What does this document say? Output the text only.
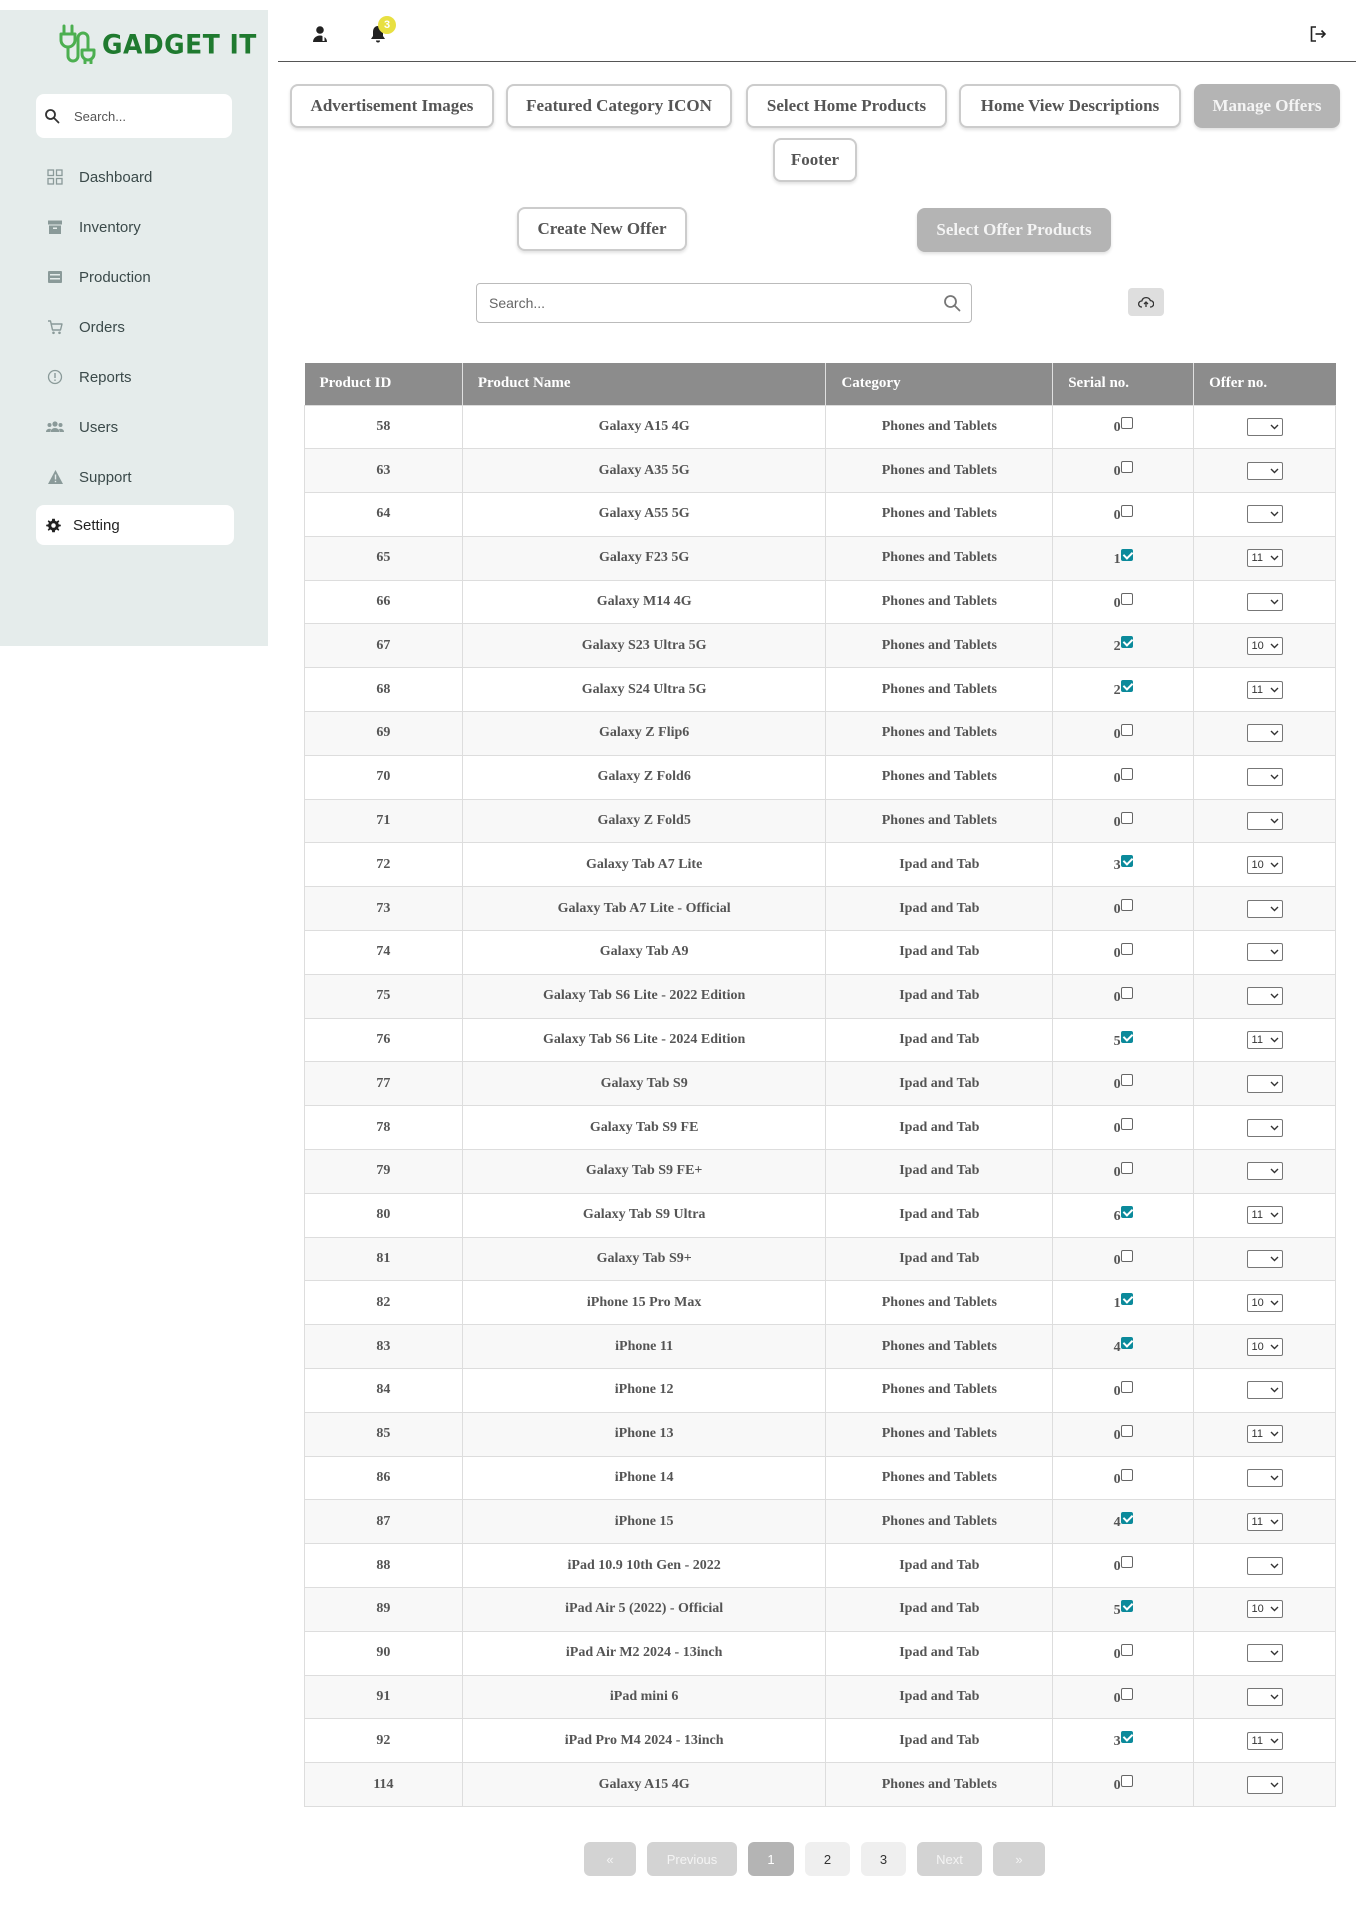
GADGET IT
Search...
Dashboard
Inventory
Production
Orders
Reports
Users
Support
Setting
3
Advertisement Images	Featured Category ICON	Select Home Products	Home View Descriptions	Manage Offers
Footer
Create New Offer	Select Offer Products
Search...
Product ID	Product Name	Category	Serial no.	Offer no.
58	Galaxy A15 4G	Phones and Tablets	0	

63	Galaxy A35 5G	Phones and Tablets	0	

64	Galaxy A55 5G	Phones and Tablets	0	

65	Galaxy F23 5G	Phones and Tablets	1	11

66	Galaxy M14 4G	Phones and Tablets	0	

67	Galaxy S23 Ultra 5G	Phones and Tablets	2	10

68	Galaxy S24 Ultra 5G	Phones and Tablets	2	11

69	Galaxy Z Flip6	Phones and Tablets	0	

70	Galaxy Z Fold6	Phones and Tablets	0	

71	Galaxy Z Fold5	Phones and Tablets	0	

72	Galaxy Tab A7 Lite	Ipad and Tab	3	10

73	Galaxy Tab A7 Lite - Official	Ipad and Tab	0	

74	Galaxy Tab A9	Ipad and Tab	0	

75	Galaxy Tab S6 Lite - 2022 Edition	Ipad and Tab	0	

76	Galaxy Tab S6 Lite - 2024 Edition	Ipad and Tab	5	11

77	Galaxy Tab S9	Ipad and Tab	0	

78	Galaxy Tab S9 FE	Ipad and Tab	0	

79	Galaxy Tab S9 FE+	Ipad and Tab	0	

80	Galaxy Tab S9 Ultra	Ipad and Tab	6	11

81	Galaxy Tab S9+	Ipad and Tab	0	

82	iPhone 15 Pro Max	Phones and Tablets	1	10

83	iPhone 11	Phones and Tablets	4	10

84	iPhone 12	Phones and Tablets	0	

85	iPhone 13	Phones and Tablets	0	11

86	iPhone 14	Phones and Tablets	0	

87	iPhone 15	Phones and Tablets	4	11

88	iPad 10.9 10th Gen - 2022	Ipad and Tab	0	

89	iPad Air 5 (2022) - Official	Ipad and Tab	5	10

90	iPad Air M2 2024 - 13inch	Ipad and Tab	0	

91	iPad mini 6	Ipad and Tab	0	

92	iPad Pro M4 2024 - 13inch	Ipad and Tab	3	11

114	Galaxy A15 4G	Phones and Tablets	0	
«	Previous	1	2	3	Next	»
